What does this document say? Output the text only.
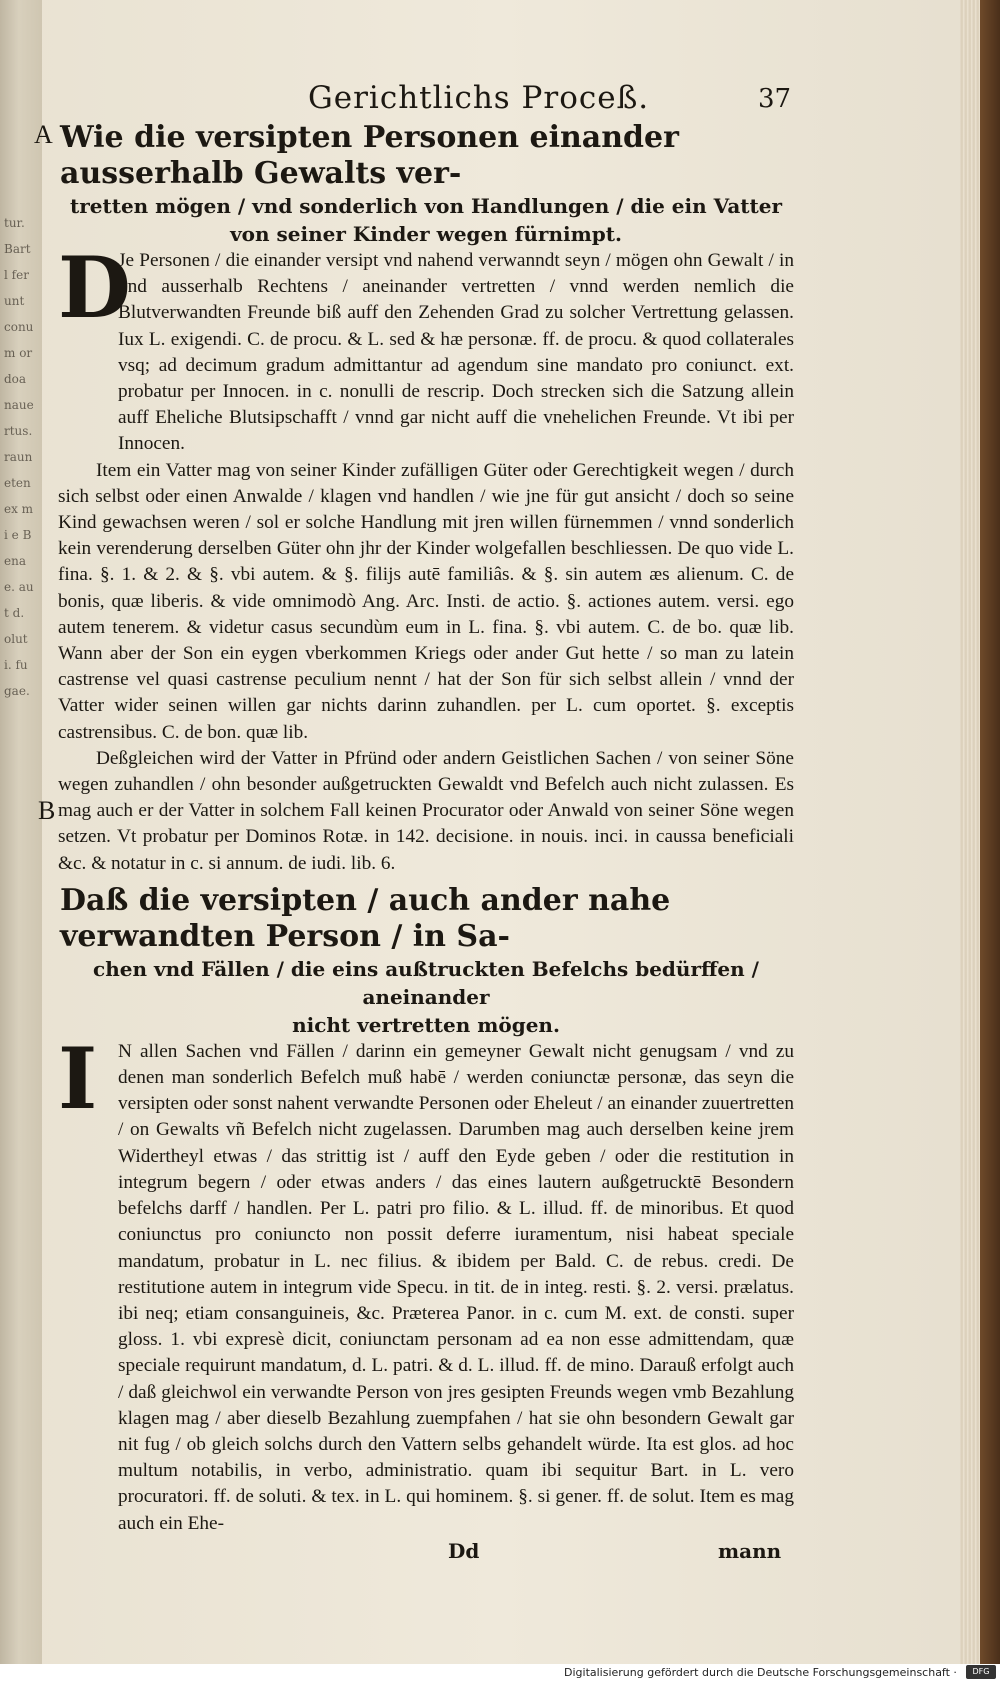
tur. Bartl ferunt conum ordoa nauertus. rauneten ex mi e Benae. aut d. oluti. fugae.
Gerichtlichs Proceß.	37
A
B
Wie die versipten Personen einander ausserhalb Gewalts ver-
tretten mögen / vnd sonderlich von Handlungen / die ein Vatter
von seiner Kinder wegen fürnimpt.
D

Je Personen / die einander versipt vnd nahend verwanndt seyn / mögen ohn Gewalt / in vnd ausserhalb Rechtens / aneinander vertretten / vnnd werden nemlich die Blutverwandten Freunde biß auff den Zehenden Grad zu solcher Vertrettung gelassen. Iux L. exigendi. C. de procu. & L. sed & hæ personæ. ff. de procu. & quod collaterales vsq; ad decimum gradum admittantur ad agendum sine mandato pro coniunct. ext. probatur per Innocen. in c. nonulli de rescrip. Doch strecken sich die Satzung allein auff Eheliche Blutsipschafft / vnnd gar nicht auff die vnehelichen Freunde. Vt ibi per Innocen.

Item ein Vatter mag von seiner Kinder zufälligen Güter oder Gerechtigkeit wegen / durch sich selbst oder einen Anwalde / klagen vnd handlen / wie jne für gut ansicht / doch so seine Kind gewachsen weren / sol er solche Handlung mit jren willen fürnemmen / vnnd sonderlich kein verenderung derselben Güter ohn jhr der Kinder wolgefallen beschliessen. De quo vide L. fina. §. 1. & 2. & §. vbi autem. & §. filijs autē familiâs. & §. sin autem æs alienum. C. de bonis, quæ liberis. & vide omnimodò Ang. Arc. Insti. de actio. §. actiones autem. versi. ego autem tenerem. & videtur casus secundùm eum in L. fina. §. vbi autem. C. de bo. quæ lib. Wann aber der Son ein eygen vberkommen Kriegs oder ander Gut hette / so man zu latein castrense vel quasi castrense peculium nennt / hat der Son für sich selbst allein / vnnd der Vatter wider seinen willen gar nichts darinn zuhandlen. per L. cum oportet. §. exceptis castrensibus. C. de bon. quæ lib.

Deßgleichen wird der Vatter in Pfründ oder andern Geistlichen Sachen / von seiner Söne wegen zuhandlen / ohn besonder außgetruckten Gewaldt vnd Befelch auch nicht zulassen. Es mag auch er der Vatter in solchem Fall keinen Procurator oder Anwald von seiner Söne wegen setzen. Vt probatur per Dominos Rotæ. in 142. decisione. in nouis. inci. in caussa beneficiali &c. & notatur in c. si annum. de iudi. lib. 6.

Daß die versipten / auch ander nahe verwandten Person / in Sa-
chen vnd Fällen / die eins außtruckten Befelchs bedürffen / aneinander
nicht vertretten mögen.
I N allen Sachen vnd Fällen / darinn ein gemeyner Gewalt nicht genugsam / vnd zu denen man sonderlich Befelch muß habē / werden coniunctæ personæ, das seyn die versipten oder sonst nahent verwandte Personen oder Eheleut / an einander zuuertretten / on Gewalts vñ Befelch nicht zugelassen. Darumben mag auch derselben keine jrem Widertheyl etwas / das strittig ist / auff den Eyde geben / oder die restitution in integrum begern / oder etwas anders / das eines lautern außgetrucktē Besondern befelchs darff / handlen. Per L. patri pro filio. & L. illud. ff. de minoribus. Et quod coniunctus pro coniuncto non possit deferre iuramentum, nisi habeat speciale mandatum, probatur in L. nec filius. & ibidem per Bald. C. de rebus. credi. De restitutione autem in integrum vide Specu. in tit. de in integ. resti. §. 2. versi. prælatus. ibi neq; etiam consanguineis, &c. Præterea Panor. in c. cum M. ext. de consti. super gloss. 1. vbi expresè dicit, coniunctam personam ad ea non esse admittendam, quæ speciale requirunt mandatum, d. L. patri. & d. L. illud. ff. de mino. Darauß erfolgt auch / daß gleichwol ein verwandte Person von jres gesipten Freunds wegen vmb Bezahlung klagen mag / aber dieselb Bezahlung zuempfahen / hat sie ohn besondern Gewalt gar nit fug / ob gleich solchs durch den Vattern selbs gehandelt würde. Ita est glos. ad hoc multum notabilis, in verbo, administratio. quam ibi sequitur Bart. in L. vero procuratori. ff. de soluti. & tex. in L. qui hominem. §. si gener. ff. de solut. Item es mag auch ein Ehe-

Dd	mann
Digitalisierung gefördert durch die Deutsche Forschungsgemeinschaft ·	DFG
